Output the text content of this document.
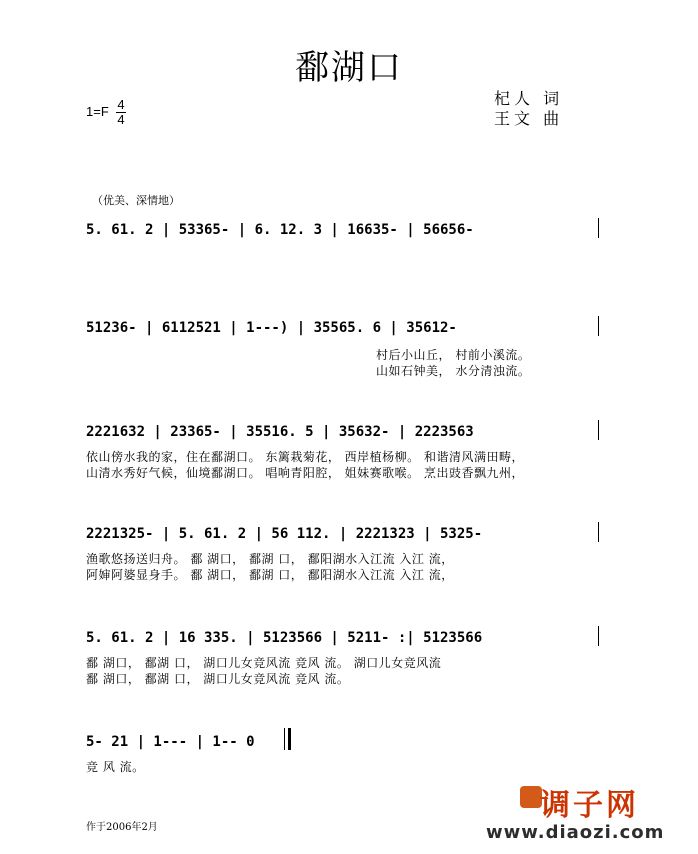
鄱湖口
1=F 4
4
杞人 词
王文 曲
（优美、深情地）
5. 61. 2 | 53365- | 6. 12. 3 | 16635- | 56656-
51236- | 6112521 | 1---) | 35565. 6 | 35612-
村后小山丘， 村前小溪流。
山如石钟美， 水分清浊流。
2221632 | 23365- | 35516. 5 | 35632- | 2223563
依山傍水我的家，住在鄱湖口。 东篱栽菊花， 西岸植杨柳。 和谐清风满田畴，
山清水秀好气候，仙境鄱湖口。 唱响青阳腔， 姐妹赛歌喉。 烹出豉香飘九州，
2221325- | 5. 61. 2 | 56 112. | 2221323 | 5325-
渔歌悠扬送归舟。 鄱 湖口， 鄱湖 口， 鄱阳湖水入江流 入江 流，
阿婶阿婆显身手。 鄱 湖口， 鄱湖 口， 鄱阳湖水入江流 入江 流，
5. 61. 2 | 16 335. | 5123566 | 5211- :| 5123566
鄱 湖口， 鄱湖 口， 湖口儿女竞风流 竞风 流。 湖口儿女竞风流
鄱 湖口， 鄱湖 口， 湖口儿女竞风流 竞风 流。
5- 21 | 1--- | 1-- 0
竞 风 流。
作于2006年2月
调子网
www.diaozi.com
